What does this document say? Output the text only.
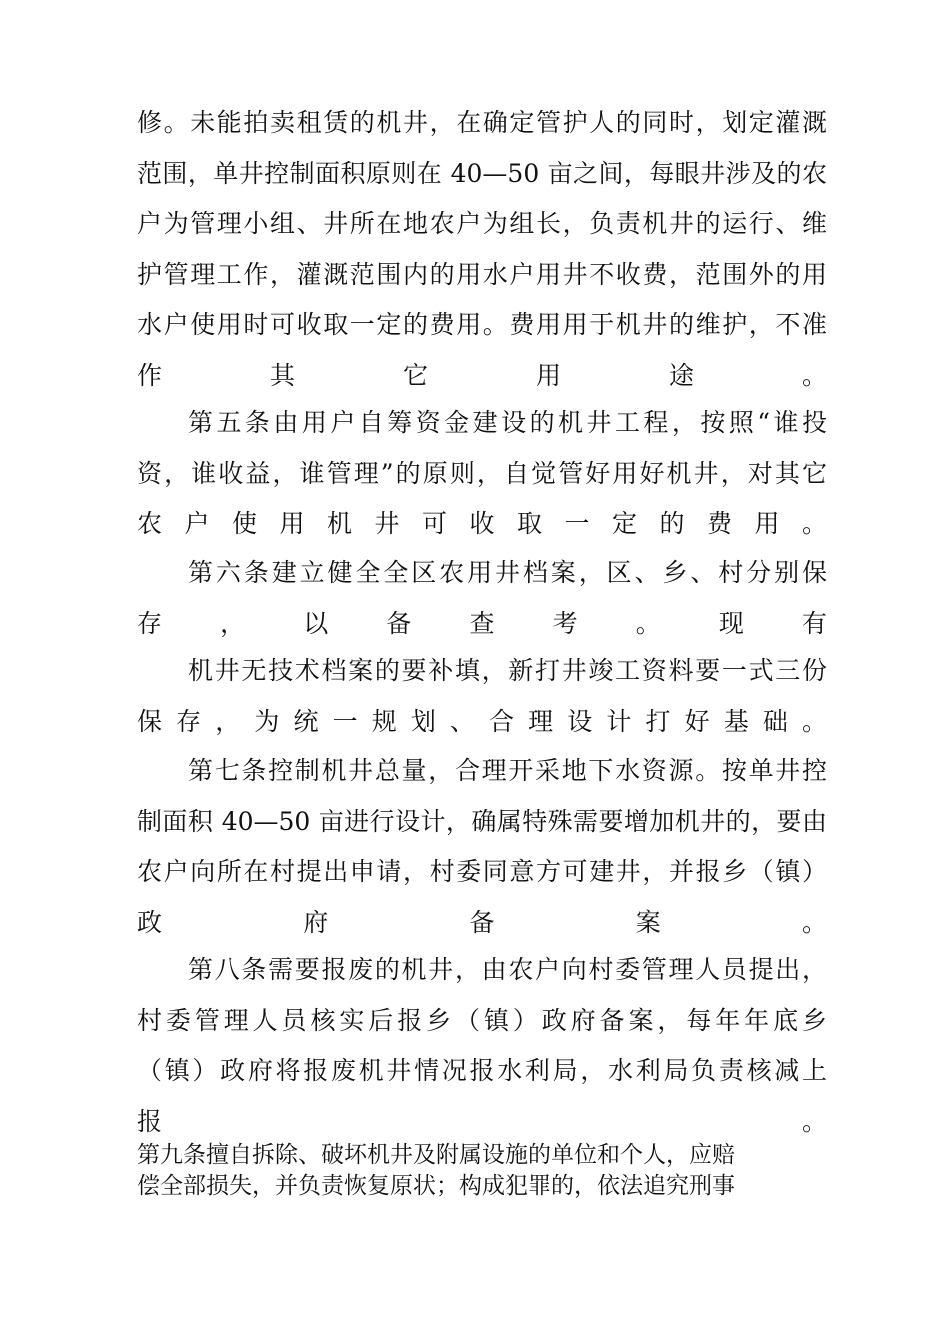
修。未能拍卖租赁的机井，在确定管护人的同时，划定灌溉
范围，单井控制面积原则在 40—50 亩之间，每眼井涉及的农
户为管理小组、井所在地农户为组长，负责机井的运行、维
护管理工作，灌溉范围内的用水户用井不收费，范围外的用
水户使用时可收取一定的费用。费用用于机井的维护，不准
作其它用途。
第五条由用户自筹资金建设的机井工程，按照“谁投
资，谁收益，谁管理”的原则，自觉管好用好机井，对其它
农户使用机井可收取一定的费用。
第六条建立健全全区农用井档案，区、乡、村分别保
存，以备查考。现有
机井无技术档案的要补填，新打井竣工资料要一式三份
保存，为统一规划、合理设计打好基础。
第七条控制机井总量，合理开采地下水资源。按单井控
制面积 40—50 亩进行设计，确属特殊需要增加机井的，要由
农户向所在村提出申请，村委同意方可建井，并报乡（镇）
政府备案。
第八条需要报废的机井，由农户向村委管理人员提出，
村委管理人员核实后报乡（镇）政府备案，每年年底乡
（镇）政府将报废机井情况报水利局，水利局负责核减上
报。
第九条擅自拆除、破坏机井及附属设施的单位和个人，应赔
偿全部损失，并负责恢复原状；构成犯罪的，依法追究刑事
